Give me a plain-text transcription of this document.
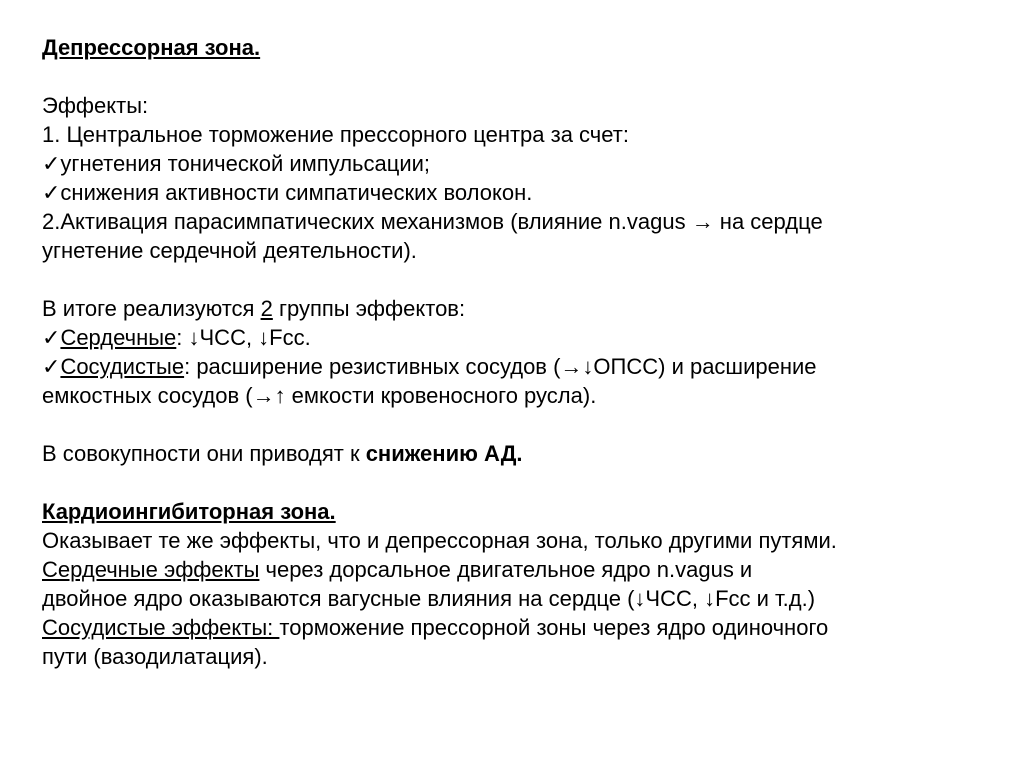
Депрессорная зона.
Эффекты:
1. Центральное торможение прессорного центра за счет:
✓угнетения тонической импульсации;
✓снижения активности симпатических волокон.
2.Активация парасимпатических механизмов (влияние n.vagus → на сердце
угнетение сердечной деятельности).
В итоге реализуются 2 группы эффектов:
✓Сердечные: ↓ЧСС, ↓Fcc.
✓Сосудистые: расширение резистивных сосудов (→↓ОПСС) и расширение
емкостных сосудов (→↑ емкости кровеносного русла).
В совокупности они приводят к снижению АД.
Кардиоингибиторная зона.
Оказывает те же эффекты, что и депрессорная зона, только другими путями.
Сердечные эффекты через дорсальное двигательное ядро n.vagus и
двойное ядро оказываются вагусные влияния на сердце (↓ЧСС, ↓Fcc и т.д.)
Сосудистые эффекты: торможение прессорной зоны через ядро одиночного
пути (вазодилатация).
